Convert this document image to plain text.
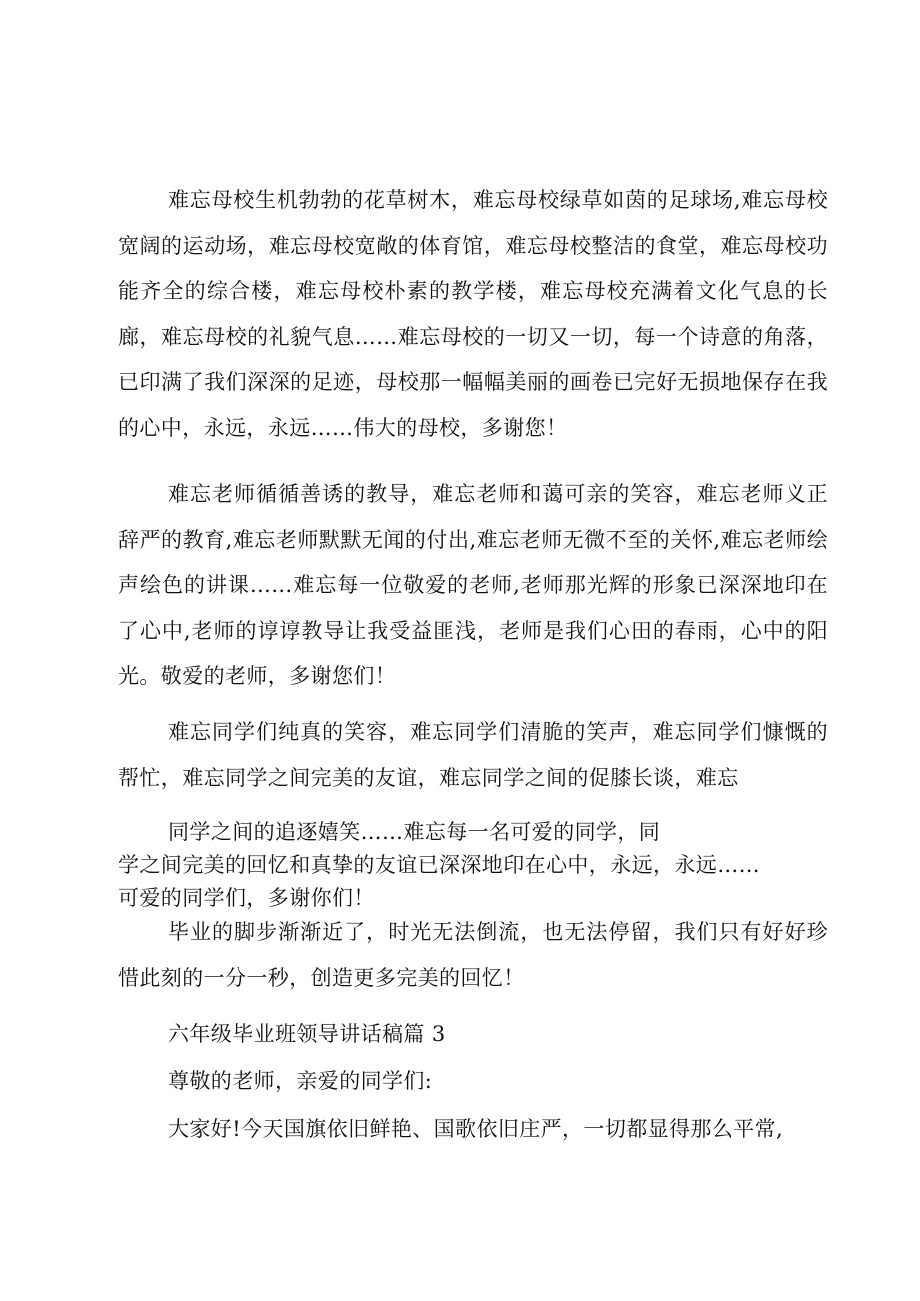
难忘母校生机勃勃的花草树木，难忘母校绿草如茵的足球场,难忘母校宽阔的运动场，难忘母校宽敞的体育馆，难忘母校整洁的食堂，难忘母校功能齐全的综合楼，难忘母校朴素的教学楼，难忘母校充满着文化气息的长廊，难忘母校的礼貌气息……难忘母校的一切又一切，每一个诗意的角落，已印满了我们深深的足迹，母校那一幅幅美丽的画卷已完好无损地保存在我的心中，永远，永远……伟大的母校，多谢您！

难忘老师循循善诱的教导，难忘老师和蔼可亲的笑容，难忘老师义正辞严的教育,难忘老师默默无闻的付出,难忘老师无微不至的关怀,难忘老师绘声绘色的讲课……难忘每一位敬爱的老师,老师那光辉的形象已深深地印在了心中,老师的谆谆教导让我受益匪浅，老师是我们心田的春雨，心中的阳光。敬爱的老师，多谢您们！

难忘同学们纯真的笑容，难忘同学们清脆的笑声，难忘同学们慷慨的帮忙，难忘同学之间完美的友谊，难忘同学之间的促膝长谈，难忘

同学之间的追逐嬉笑……难忘每一名可爱的同学，同
学之间完美的回忆和真挚的友谊已深深地印在心中，永远，永远……
可爱的同学们，多谢你们！

毕业的脚步渐渐近了，时光无法倒流，也无法停留，我们只有好好珍惜此刻的一分一秒，创造更多完美的回忆！

六年级毕业班领导讲话稿篇 3

尊敬的老师，亲爱的同学们:

大家好!今天国旗依旧鲜艳、国歌依旧庄严，一切都显得那么平常,
